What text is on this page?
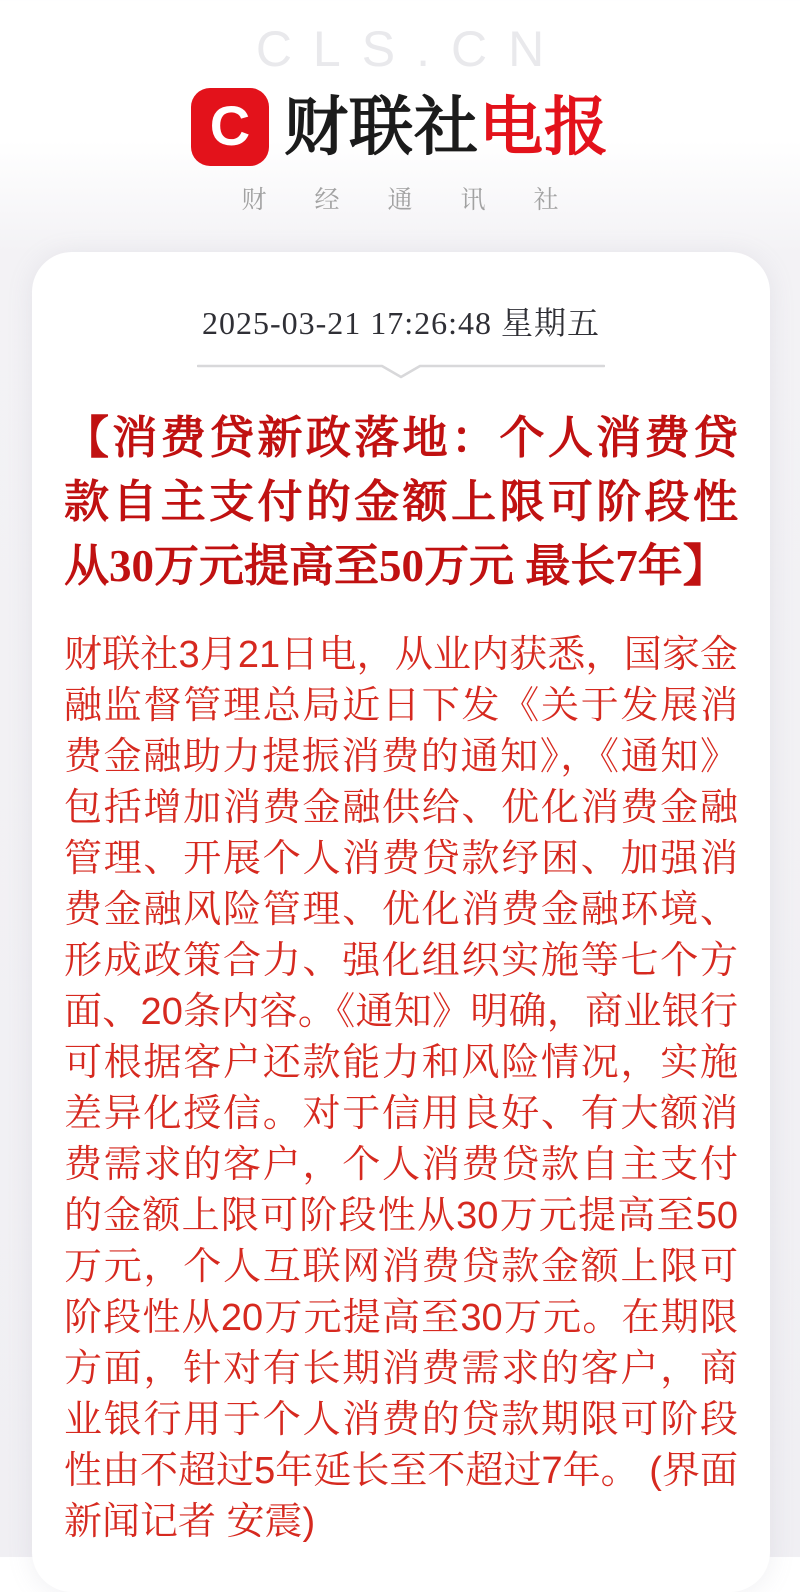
CLS.CN
C 财联社电报
财经通讯社
2025-03-21 17:26:48 星期五
【消费贷新政落地：个人消费贷款自主支付的金额上限可阶段性从30万元提高至50万元 最长7年】

财联社3月21日电，从业内获悉，国家金融监督管理总局近日下发《关于发展消费金融助力提振消费的通知》，《通知》包括增加消费金融供给、优化消费金融管理、开展个人消费贷款纾困、加强消费金融风险管理、优化消费金融环境、形成政策合力、强化组织实施等七个方面、20条内容。《通知》明确，商业银行可根据客户还款能力和风险情况，实施差异化授信。对于信用良好、有大额消费需求的客户，个人消费贷款自主支付的金额上限可阶段性从30万元提高至50万元，个人互联网消费贷款金额上限可阶段性从20万元提高至30万元。在期限方面，针对有长期消费需求的客户，商业银行用于个人消费的贷款期限可阶段性由不超过5年延长至不超过7年。 (界面新闻记者 安震)
